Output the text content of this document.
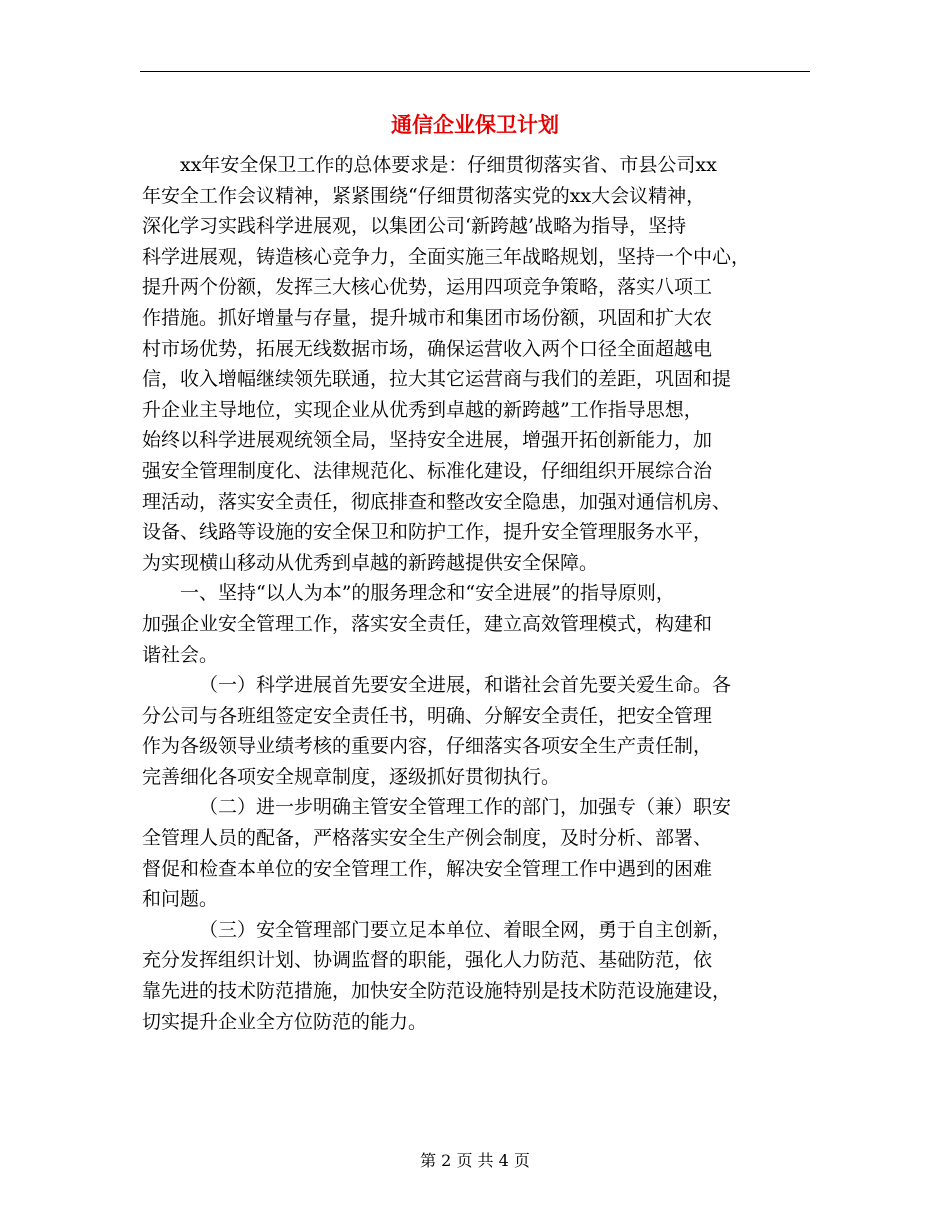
通信企业保卫计划
xx年安全保卫工作的总体要求是：仔细贯彻落实省、市县公司xx
年安全工作会议精神，紧紧围绕“仔细贯彻落实党的xx大会议精神，
深化学习实践科学进展观，以集团公司‘新跨越’战略为指导，坚持
科学进展观，铸造核心竞争力，全面实施三年战略规划，坚持一个中心，
提升两个份额，发挥三大核心优势，运用四项竞争策略，落实八项工
作措施。抓好增量与存量，提升城市和集团市场份额，巩固和扩大农
村市场优势，拓展无线数据市场，确保运营收入两个口径全面超越电
信，收入增幅继续领先联通，拉大其它运营商与我们的差距，巩固和提
升企业主导地位，实现企业从优秀到卓越的新跨越”工作指导思想，
始终以科学进展观统领全局，坚持安全进展，增强开拓创新能力，加
强安全管理制度化、法律规范化、标准化建设，仔细组织开展综合治
理活动，落实安全责任，彻底排查和整改安全隐患，加强对通信机房、
设备、线路等设施的安全保卫和防护工作，提升安全管理服务水平，
为实现横山移动从优秀到卓越的新跨越提供安全保障。
一、坚持“以人为本”的服务理念和“安全进展”的指导原则，
加强企业安全管理工作，落实安全责任，建立高效管理模式，构建和
谐社会。
（一）科学进展首先要安全进展，和谐社会首先要关爱生命。各
分公司与各班组签定安全责任书，明确、分解安全责任，把安全管理
作为各级领导业绩考核的重要内容，仔细落实各项安全生产责任制，
完善细化各项安全规章制度，逐级抓好贯彻执行。
（二）进一步明确主管安全管理工作的部门，加强专（兼）职安
全管理人员的配备，严格落实安全生产例会制度，及时分析、部署、
督促和检查本单位的安全管理工作，解决安全管理工作中遇到的困难
和问题。
（三）安全管理部门要立足本单位、着眼全网，勇于自主创新，
充分发挥组织计划、协调监督的职能，强化人力防范、基础防范，依
靠先进的技术防范措施，加快安全防范设施特别是技术防范设施建设，
切实提升企业全方位防范的能力。
第 2 页 共 4 页
